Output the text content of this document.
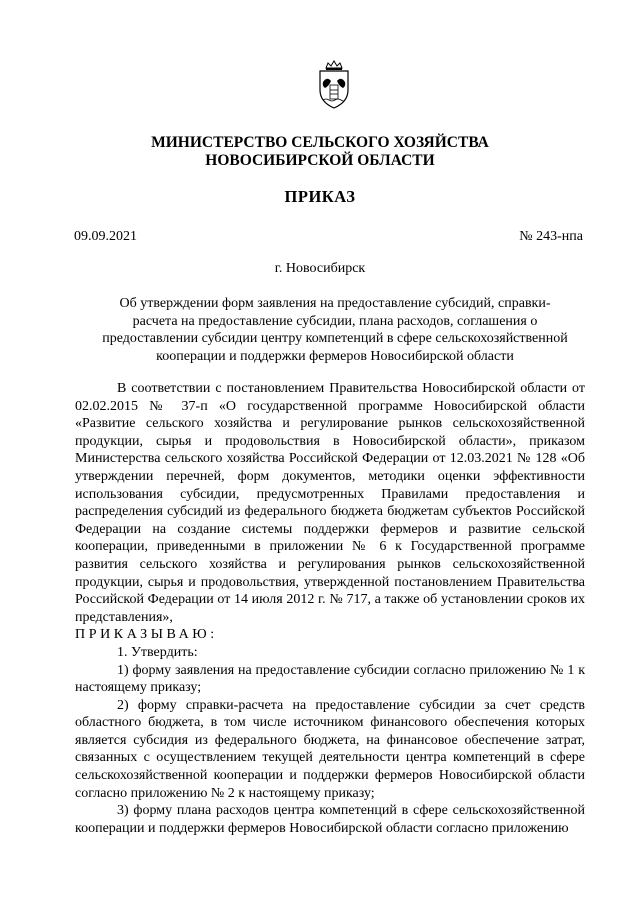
МИНИСТЕРСТВО СЕЛЬСКОГО ХОЗЯЙСТВА
НОВОСИБИРСКОЙ ОБЛАСТИ
ПРИКАЗ
09.09.2021	№ 243-нпа
г. Новосибирск

Об утверждении форм заявления на предоставление субсидий, справки-расчета на предоставление субсидии, плана расходов, соглашения о предоставлении субсидии центру компетенций в сфере сельскохозяйственной кооперации и поддержки фермеров Новосибирской области

В соответствии с постановлением Правительства Новосибирской области от 02.02.2015 № 37-п «О государственной программе Новосибирской области «Развитие сельского хозяйства и регулирование рынков сельскохозяйственной продукции, сырья и продовольствия в Новосибирской области», приказом Министерства сельского хозяйства Российской Федерации от 12.03.2021 № 128 «Об утверждении перечней, форм документов, методики оценки эффективности использования субсидии, предусмотренных Правилами предоставления и распределения субсидий из федерального бюджета бюджетам субъектов Российской Федерации на создание системы поддержки фермеров и развитие сельской кооперации, приведенными в приложении № 6 к Государственной программе развития сельского хозяйства и регулирования рынков сельскохозяйственной продукции, сырья и продовольствия, утвержденной постановлением Правительства Российской Федерации от 14 июля 2012 г. № 717, а также об установлении сроков их представления»,

ПРИКАЗЫВАЮ:

1. Утвердить:

1) форму заявления на предоставление субсидии согласно приложению № 1 к настоящему приказу;

2) форму справки-расчета на предоставление субсидии за счет средств областного бюджета, в том числе источником финансового обеспечения которых является субсидия из федерального бюджета, на финансовое обеспечение затрат, связанных с осуществлением текущей деятельности центра компетенций в сфере сельскохозяйственной кооперации и поддержки фермеров Новосибирской области согласно приложению № 2 к настоящему приказу;

3) форму плана расходов центра компетенций в сфере сельскохозяйственной кооперации и поддержки фермеров Новосибирской области согласно приложению
